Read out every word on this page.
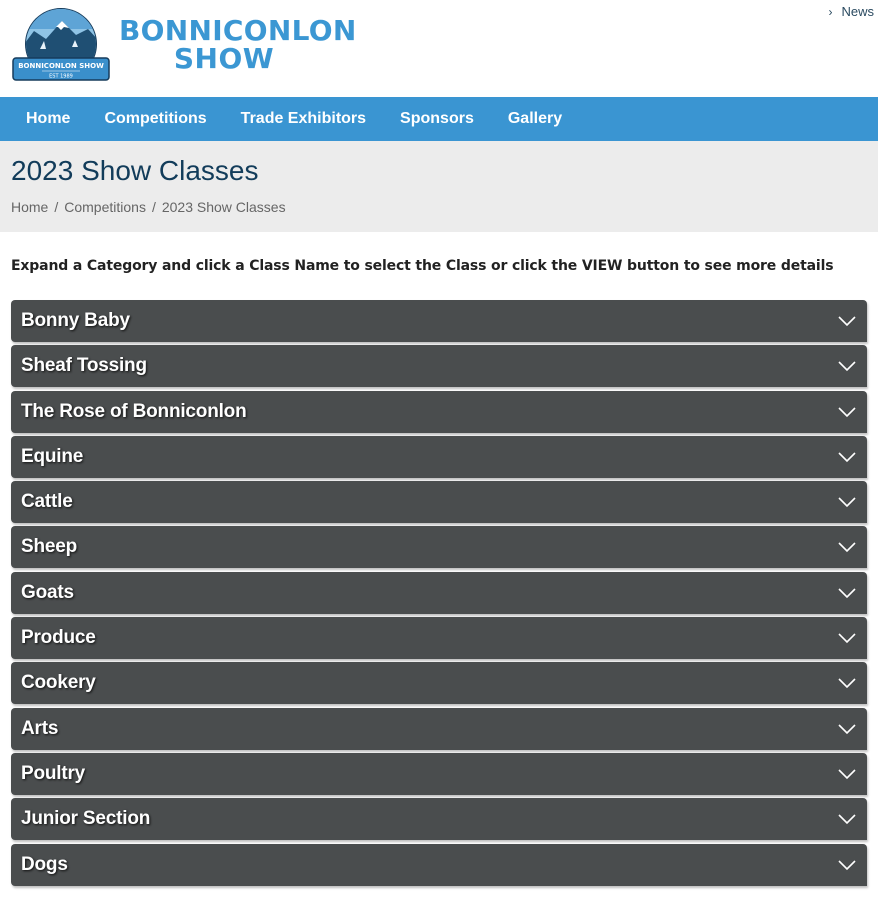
BONNICONLON SHOW
EST 1989
BONNICONLON
SHOW
› News
Home	Competitions	Trade Exhibitors	Sponsors	Gallery
2023 Show Classes
Home / Competitions / 2023 Show Classes

Expand a Category and click a Class Name to select the Class or click the VIEW button to see more details

Bonny Baby
Sheaf Tossing
The Rose of Bonniconlon
Equine
Cattle
Sheep
Goats
Produce
Cookery
Arts
Poultry
Junior Section
Dogs
